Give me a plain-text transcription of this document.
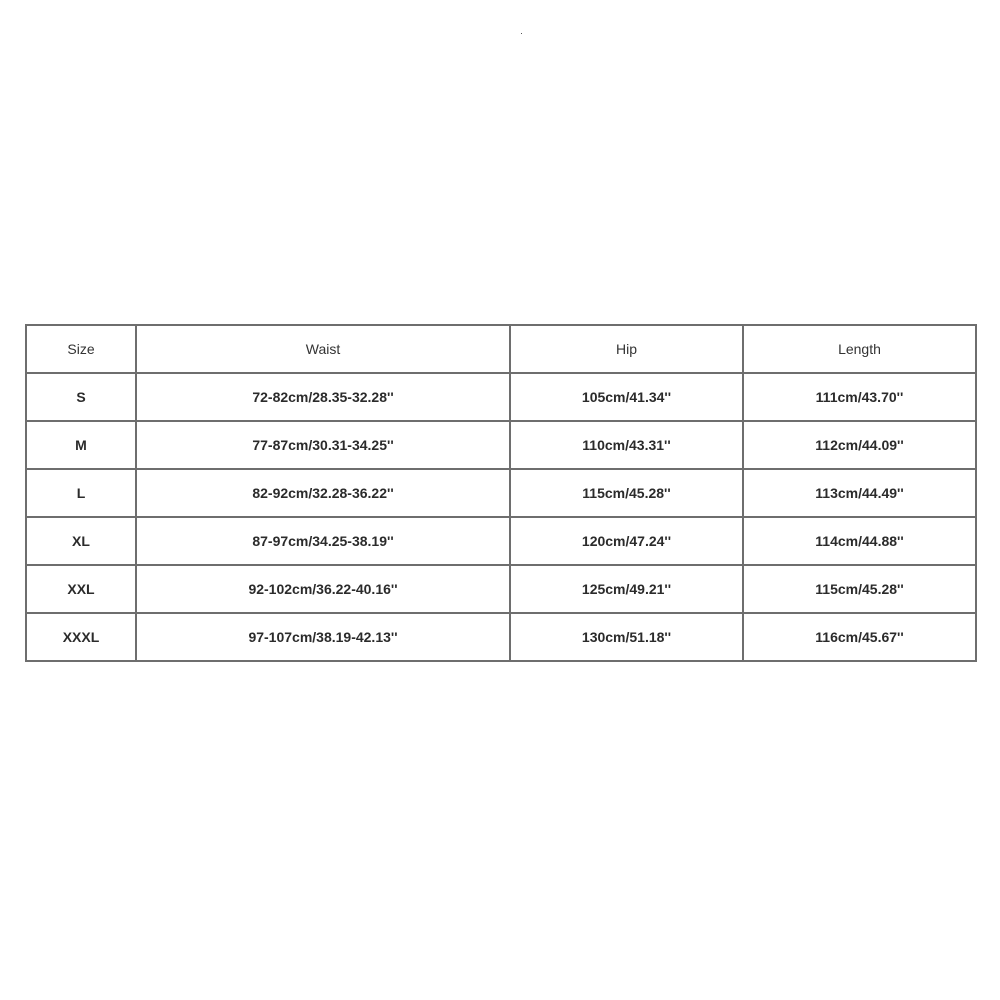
Size	Waist	Hip	Length
S	72-82cm/28.35-32.28''	105cm/41.34''	111cm/43.70''
M	77-87cm/30.31-34.25''	110cm/43.31''	112cm/44.09''
L	82-92cm/32.28-36.22''	115cm/45.28''	113cm/44.49''
XL	87-97cm/34.25-38.19''	120cm/47.24''	114cm/44.88''
XXL	92-102cm/36.22-40.16''	125cm/49.21''	115cm/45.28''
XXXL	97-107cm/38.19-42.13''	130cm/51.18''	116cm/45.67''
